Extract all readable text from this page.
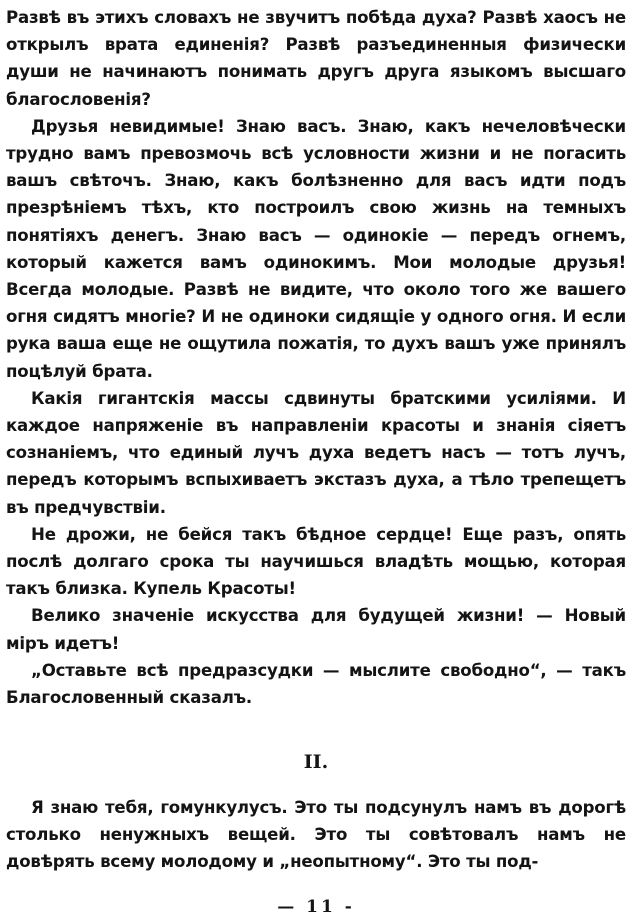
Развѣ въ этихъ словахъ не звучитъ побѣда духа? Развѣ хаосъ не открылъ врата единенія? Развѣ разъединенныя физически души не начинаютъ понимать другъ друга языкомъ высшаго благословенія?

Друзья невидимые! Знаю васъ. Знаю, какъ нечеловѣчески трудно вамъ превозмочь всѣ условности жизни и не погасить вашъ свѣточъ. Знаю, какъ болѣзненно для васъ идти подъ презрѣніемъ тѣхъ, кто построилъ свою жизнь на темныхъ понятіяхъ денегъ. Знаю васъ — одинокіе — передъ огнемъ, который кажется вамъ одинокимъ. Мои молодые друзья! Всегда молодые. Развѣ не видите, что около того же вашего огня сидятъ многіе? И не одиноки сидящіе у одного огня. И если рука ваша еще не ощутила пожатія, то духъ вашъ уже принялъ поцѣлуй брата.

Какія гигантскія массы сдвинуты братскими усиліями. И каждое напряженіе въ направленіи красоты и знанія сіяетъ сознаніемъ, что единый лучъ духа ведетъ насъ — тотъ лучъ, передъ которымъ вспыхиваетъ экстазъ духа, а тѣло трепещетъ въ предчувствіи.

Не дрожи, не бейся такъ бѣдное сердце! Еще разъ, опять послѣ долгаго срока ты научишься владѣть мощью, которая такъ близка. Купель Красоты!

Велико значеніе искусства для будущей жизни! — Новый міръ идетъ!

„Оставьте всѣ предразсудки — мыслите свободно“, — такъ Благословенный сказалъ.

II.

Я знаю тебя, гомункулусъ. Это ты подсунулъ намъ въ дорогѣ столько ненужныхъ вещей. Это ты совѣтовалъ намъ не довѣрять всему молодому и „неопытному“. Это ты под-

— 11 -
